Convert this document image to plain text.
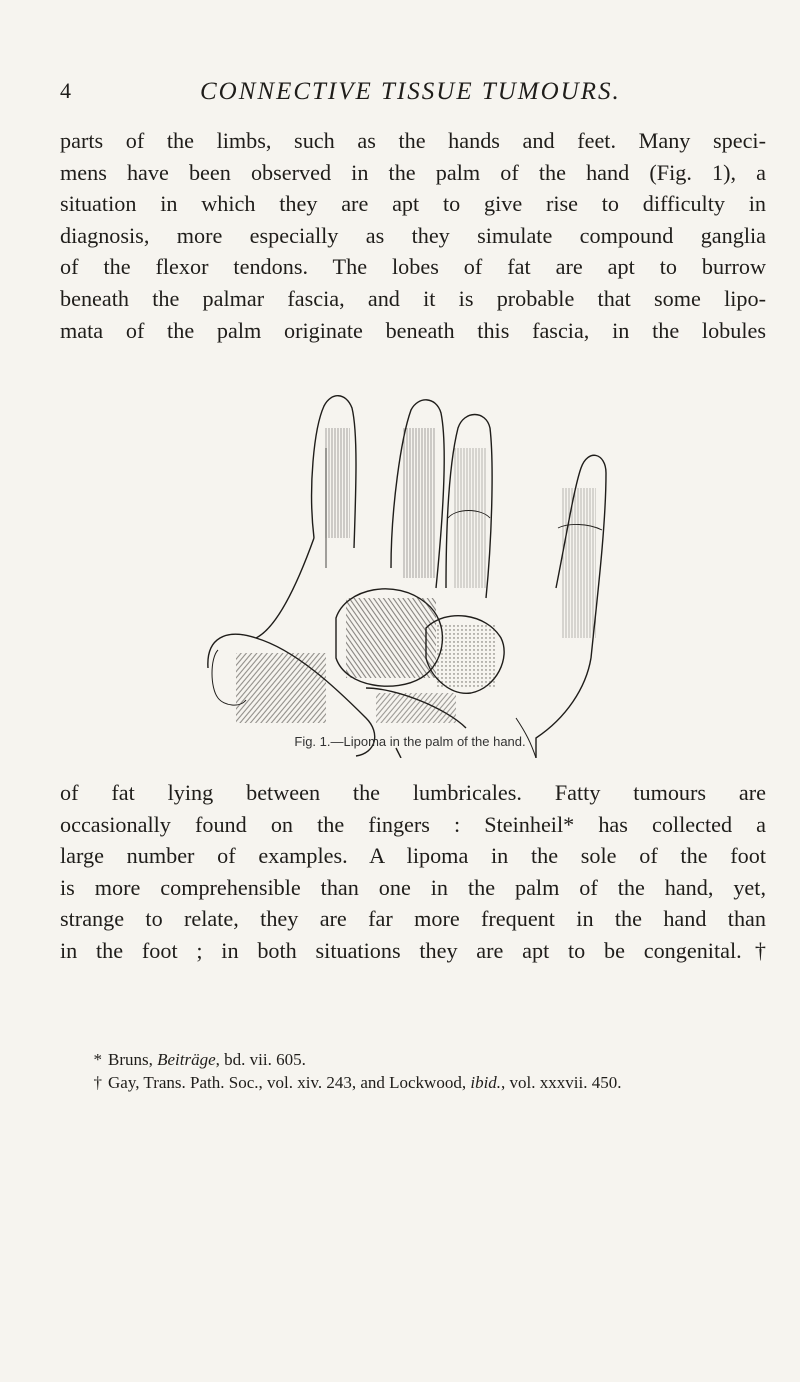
4	CONNECTIVE TISSUE TUMOURS.
parts of the limbs, such as the hands and feet. Many speci-
mens have been observed in the palm of the hand (Fig. 1), a
situation in which they are apt to give rise to difficulty in
diagnosis, more especially as they simulate compound ganglia
of the flexor tendons. The lobes of fat are apt to burrow
beneath the palmar fascia, and it is probable that some lipo-
mata of the palm originate beneath this fascia, in the lobules
Fig. 1.—Lipoma in the palm of the hand.
of fat lying between the lumbricales. Fatty tumours are
occasionally found on the fingers : Steinheil* has collected a
large number of examples. A lipoma in the sole of the foot
is more comprehensible than one in the palm of the hand, yet,
strange to relate, they are far more frequent in the hand than
in the foot ; in both situations they are apt to be congenital.†
* Bruns, Beiträge, bd. vii. 605.
† Gay, Trans. Path. Soc., vol. xiv. 243, and Lockwood, ibid., vol. xxxvii. 450.
